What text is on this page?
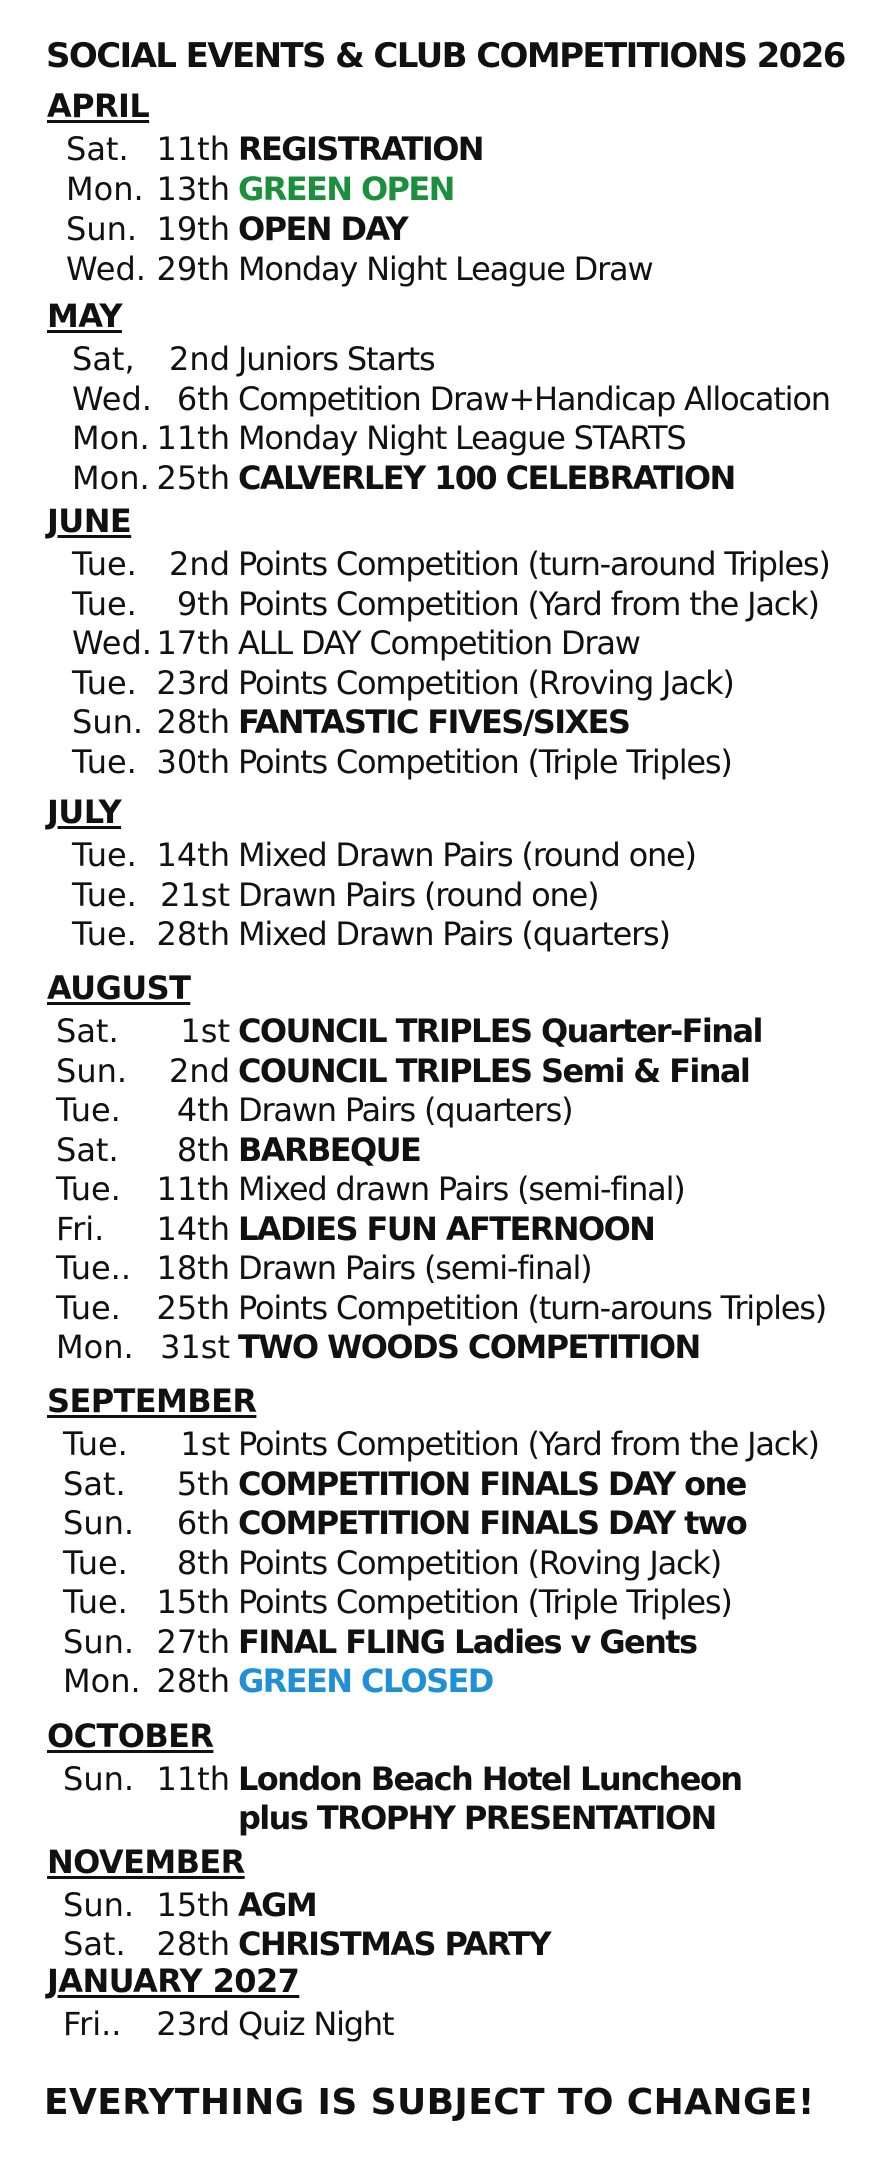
SOCIAL EVENTS & CLUB COMPETITIONS 2026
EVERYTHING IS SUBJECT TO CHANGE!
APRIL
Sat. 11th REGISTRATION
Mon. 13th GREEN OPEN
Sun. 19th OPEN DAY
Wed. 29th Monday Night League Draw
MAY
Sat, 2nd Juniors Starts
Wed. 6th Competition Draw+Handicap Allocation
Mon. 11th Monday Night League STARTS
Mon. 25th CALVERLEY 100 CELEBRATION
JUNE
Tue. 2nd Points Competition (turn-around Triples)
Tue. 9th Points Competition (Yard from the Jack)
Wed. 17th ALL DAY Competition Draw
Tue. 23rd Points Competition (Rroving Jack)
Sun. 28th FANTASTIC FIVES/SIXES
Tue. 30th Points Competition (Triple Triples)
JULY
Tue. 14th Mixed Drawn Pairs (round one)
Tue. 21st Drawn Pairs (round one)
Tue. 28th Mixed Drawn Pairs (quarters)
AUGUST
Sat. 1st COUNCIL TRIPLES Quarter-Final
Sun. 2nd COUNCIL TRIPLES Semi & Final
Tue. 4th Drawn Pairs (quarters)
Sat. 8th BARBEQUE
Tue. 11th Mixed drawn Pairs (semi-final)
Fri. 14th LADIES FUN AFTERNOON
Tue.. 18th Drawn Pairs (semi-final)
Tue. 25th Points Competition (turn-arouns Triples)
Mon. 31st TWO WOODS COMPETITION
SEPTEMBER
Tue. 1st Points Competition (Yard from the Jack)
Sat. 5th COMPETITION FINALS DAY one
Sun. 6th COMPETITION FINALS DAY two
Tue. 8th Points Competition (Roving Jack)
Tue. 15th Points Competition (Triple Triples)
Sun. 27th FINAL FLING Ladies v Gents
Mon. 28th GREEN CLOSED
OCTOBER
Sun. 11th London Beach Hotel Luncheon
plus TROPHY PRESENTATION
NOVEMBER
Sun. 15th AGM
Sat. 28th CHRISTMAS PARTY
JANUARY 2027
Fri.. 23rd Quiz Night
